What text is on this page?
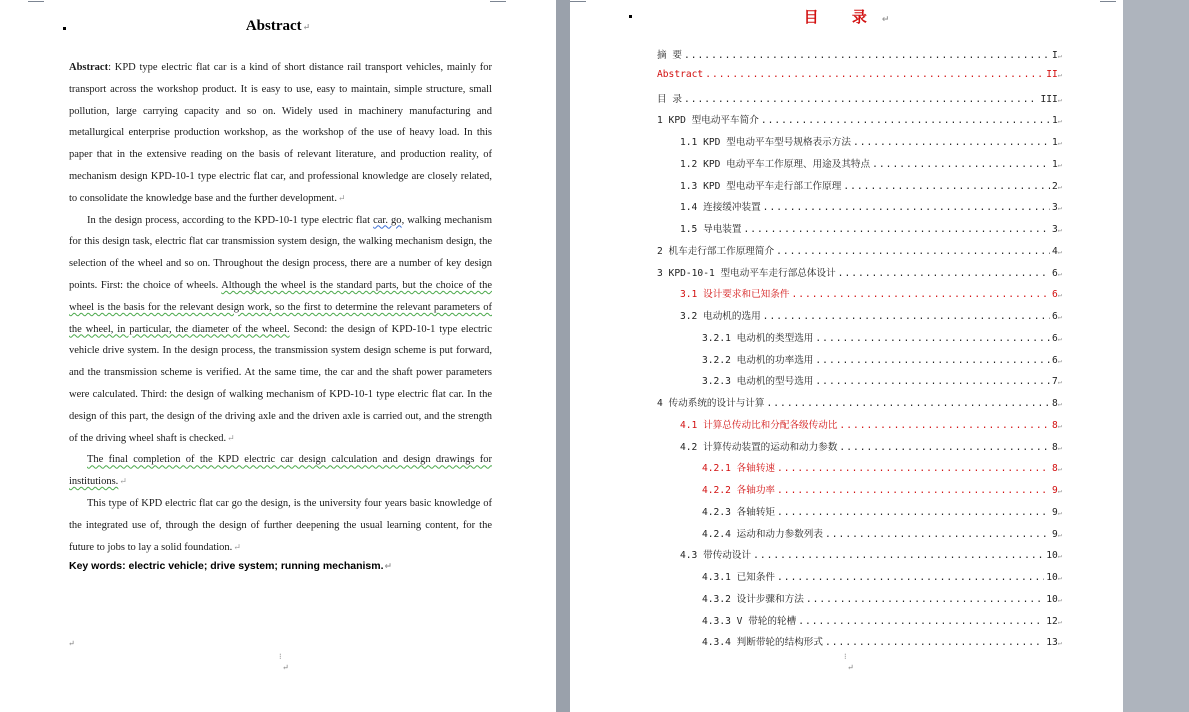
Abstract↵

Abstract: KPD type electric flat car is a kind of short distance rail transport vehicles, mainly for transport across the workshop product. It is easy to use, easy to maintain, simple structure, small pollution, large carrying capacity and so on. Widely used in machinery manufacturing and metallurgical enterprise production workshop, as the workshop of the use of heavy load. In this paper that in the extensive reading on the basis of relevant literature, and production reality, of mechanism design KPD-10-1 type electric flat car, and professional knowledge are closely related, to consolidate the knowledge base and the further development.↵

In the design process, according to the KPD-10-1 type electric flat car. go, walking mechanism for this design task, electric flat car transmission system design, the walking mechanism design, the selection of the wheel and so on. Throughout the design process, there are a number of key design points. First: the choice of wheels. Although the wheel is the standard parts, but the choice of the wheel is the basis for the relevant design work, so the first to determine the relevant parameters of the wheel, in particular, the diameter of the wheel. Second: the design of KPD-10-1 type electric vehicle drive system. In the design process, the transmission system design scheme is put forward, and the transmission scheme is verified. At the same time, the car and the shaft power parameters were calculated. Third: the design of walking mechanism of KPD-10-1 type electric flat car. In the design of this part, the design of the driving axle and the driven axle is carried out, and the strength of the driving wheel shaft is checked.↵

The final completion of the KPD electric car design calculation and design drawings for institutions.↵

This type of KPD electric flat car go the design, is the university four years basic knowledge of the integrated use of, through the design of further deepening the usual learning content, for the future to jobs to lay a solid foundation.↵

Key words: electric vehicle; drive system; running mechanism.↵

↵
⁝
↵
目 录↵
摘 要 .....	I ↵
Abstract .....	II ↵
目 录 .....	III ↵
1 KPD 型电动平车简介 .....	1 ↵
1.1 KPD 型电动平车型号规格表示方法 .....	1 ↵
1.2 KPD 电动平车工作原理、用途及其特点 .....	1 ↵
1.3 KPD 型电动平车走行部工作原理 .....	2 ↵
1.4 连接缓冲装置 .....	3 ↵
1.5 导电装置 .....	3 ↵
2 机车走行部工作原理简介 .....	4 ↵
3 KPD-10-1 型电动平车走行部总体设计 .....	6 ↵
3.1 设计要求和已知条件 .....	6 ↵
3.2 电动机的选用 .....	6 ↵
3.2.1 电动机的类型选用 .....	6 ↵
3.2.2 电动机的功率选用 .....	6 ↵
3.2.3 电动机的型号选用 .....	7 ↵
4 传动系统的设计与计算 .....	8 ↵
4.1 计算总传动比和分配各级传动比 .....	8 ↵
4.2 计算传动装置的运动和动力参数 .....	8 ↵
4.2.1 各轴转速 .....	8 ↵
4.2.2 各轴功率 .....	9 ↵
4.2.3 各轴转矩 .....	9 ↵
4.2.4 运动和动力参数列表 .....	9 ↵
4.3 带传动设计 .....	10 ↵
4.3.1 已知条件 .....	10 ↵
4.3.2 设计步骤和方法 .....	10 ↵
4.3.3 V 带轮的轮槽 .....	12 ↵
4.3.4 判断带轮的结构形式 .....	13 ↵
⁝
↵
